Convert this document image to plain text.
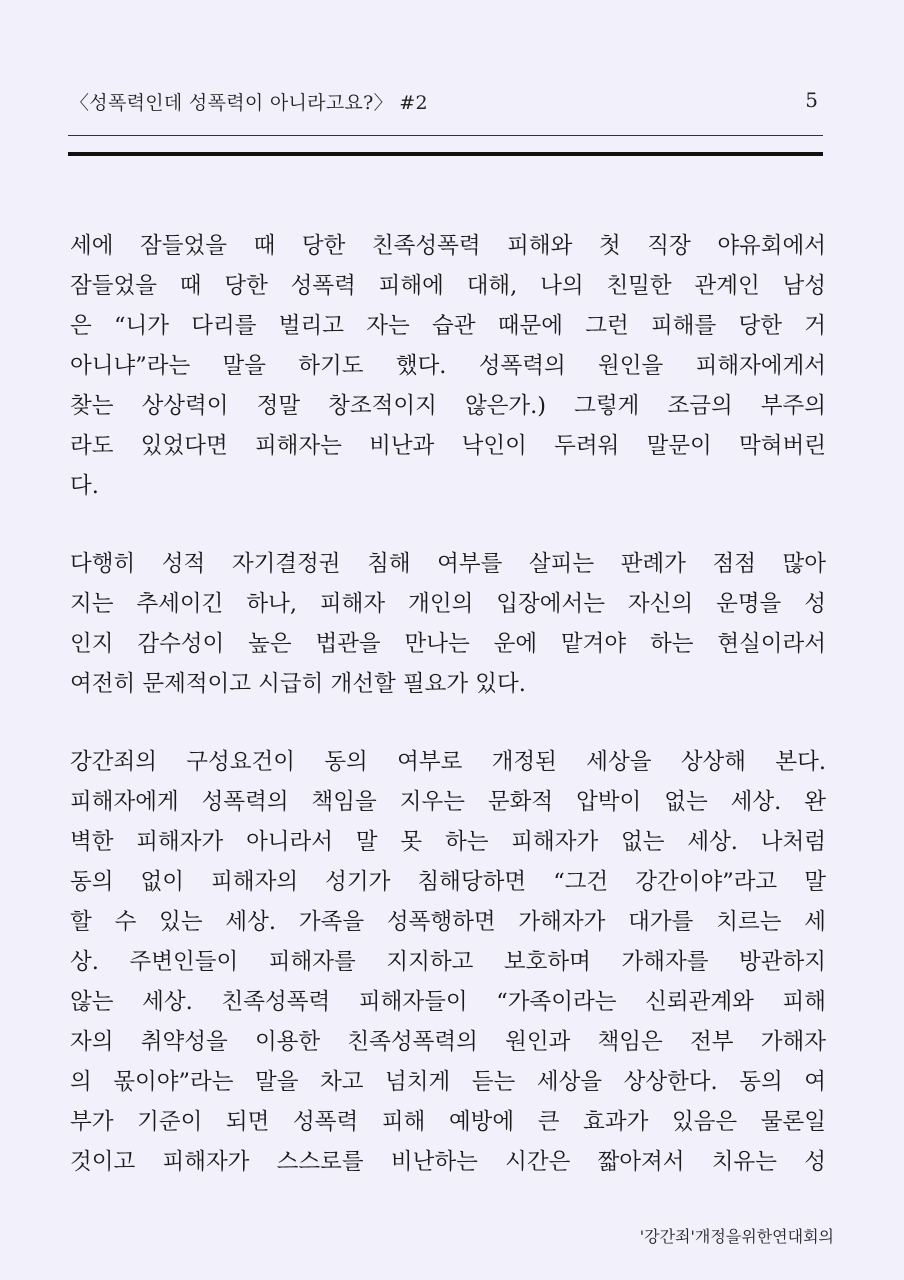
〈성폭력인데 성폭력이 아니라고요?〉 #2	5
세에 잠들었을 때 당한 친족성폭력 피해와 첫 직장 야유회에서
잠들었을 때 당한 성폭력 피해에 대해, 나의 친밀한 관계인 남성
은 “니가 다리를 벌리고 자는 습관 때문에 그런 피해를 당한 거
아니냐”라는 말을 하기도 했다. 성폭력의 원인을 피해자에게서
찾는 상상력이 정말 창조적이지 않은가.) 그렇게 조금의 부주의
라도 있었다면 피해자는 비난과 낙인이 두려워 말문이 막혀버린
다.
다행히 성적 자기결정권 침해 여부를 살피는 판례가 점점 많아
지는 추세이긴 하나, 피해자 개인의 입장에서는 자신의 운명을 성
인지 감수성이 높은 법관을 만나는 운에 맡겨야 하는 현실이라서
여전히 문제적이고 시급히 개선할 필요가 있다.
강간죄의 구성요건이 동의 여부로 개정된 세상을 상상해 본다.
피해자에게 성폭력의 책임을 지우는 문화적 압박이 없는 세상. 완
벽한 피해자가 아니라서 말 못 하는 피해자가 없는 세상. 나처럼
동의 없이 피해자의 성기가 침해당하면 “그건 강간이야”라고 말
할 수 있는 세상. 가족을 성폭행하면 가해자가 대가를 치르는 세
상. 주변인들이 피해자를 지지하고 보호하며 가해자를 방관하지
않는 세상. 친족성폭력 피해자들이 “가족이라는 신뢰관계와 피해
자의 취약성을 이용한 친족성폭력의 원인과 책임은 전부 가해자
의 몫이야”라는 말을 차고 넘치게 듣는 세상을 상상한다. 동의 여
부가 기준이 되면 성폭력 피해 예방에 큰 효과가 있음은 물론일
것이고 피해자가 스스로를 비난하는 시간은 짧아져서 치유는 성
'강간죄'개정을위한연대회의
